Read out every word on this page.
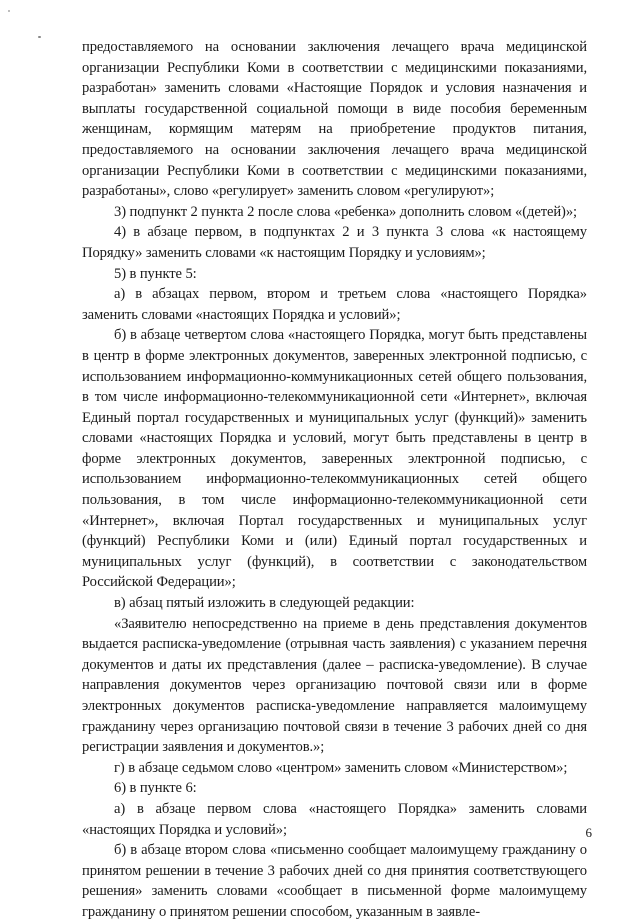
предоставляемого на основании заключения лечащего врача медицинской организации Республики Коми в соответствии с медицинскими показаниями, разработан» заменить словами «Настоящие Порядок и условия назначения и выплаты государственной социальной помощи в виде пособия беременным женщинам, кормящим матерям на приобретение продуктов питания, предоставляемого на основании заключения лечащего врача медицинской организации Республики Коми в соответствии с медицинскими показаниями, разработаны», слово «регулирует» заменить словом «регулируют»;

3) подпункт 2 пункта 2 после слова «ребенка» дополнить словом «(детей)»;

4) в абзаце первом, в подпунктах 2 и 3 пункта 3 слова «к настоящему Порядку» заменить словами «к настоящим Порядку и условиям»;

5) в пункте 5:

а) в абзацах первом, втором и третьем слова «настоящего Порядка» заменить словами «настоящих Порядка и условий»;

б) в абзаце четвертом слова «настоящего Порядка, могут быть представлены в центр в форме электронных документов, заверенных электронной подписью, с использованием информационно-коммуникационных сетей общего пользования, в том числе информационно-телекоммуникационной сети «Интернет», включая Единый портал государственных и муниципальных услуг (функций)» заменить словами «настоящих Порядка и условий, могут быть представлены в центр в форме электронных документов, заверенных электронной подписью, с использованием информационно-телекоммуникационных сетей общего пользования, в том числе информационно-телекоммуникационной сети «Интернет», включая Портал государственных и муниципальных услуг (функций) Республики Коми и (или) Единый портал государственных и муниципальных услуг (функций), в соответствии с законодательством Российской Федерации»;

в) абзац пятый изложить в следующей редакции:

«Заявителю непосредственно на приеме в день представления документов выдается расписка-уведомление (отрывная часть заявления) с указанием перечня документов и даты их представления (далее – расписка-уведомление). В случае направления документов через организацию почтовой связи или в форме электронных документов расписка-уведомление направляется малоимущему гражданину через организацию почтовой связи в течение 3 рабочих дней со дня регистрации заявления и документов.»;

г) в абзаце седьмом слово «центром» заменить словом «Министерством»;

6) в пункте 6:

а) в абзаце первом слова «настоящего Порядка» заменить словами «настоящих Порядка и условий»;

б) в абзаце втором слова «письменно сообщает малоимущему гражданину о принятом решении в течение 3 рабочих дней со дня принятия соответствующего решения» заменить словами «сообщает в письменной форме малоимущему гражданину о принятом решении способом, указанным в заявле-

6
